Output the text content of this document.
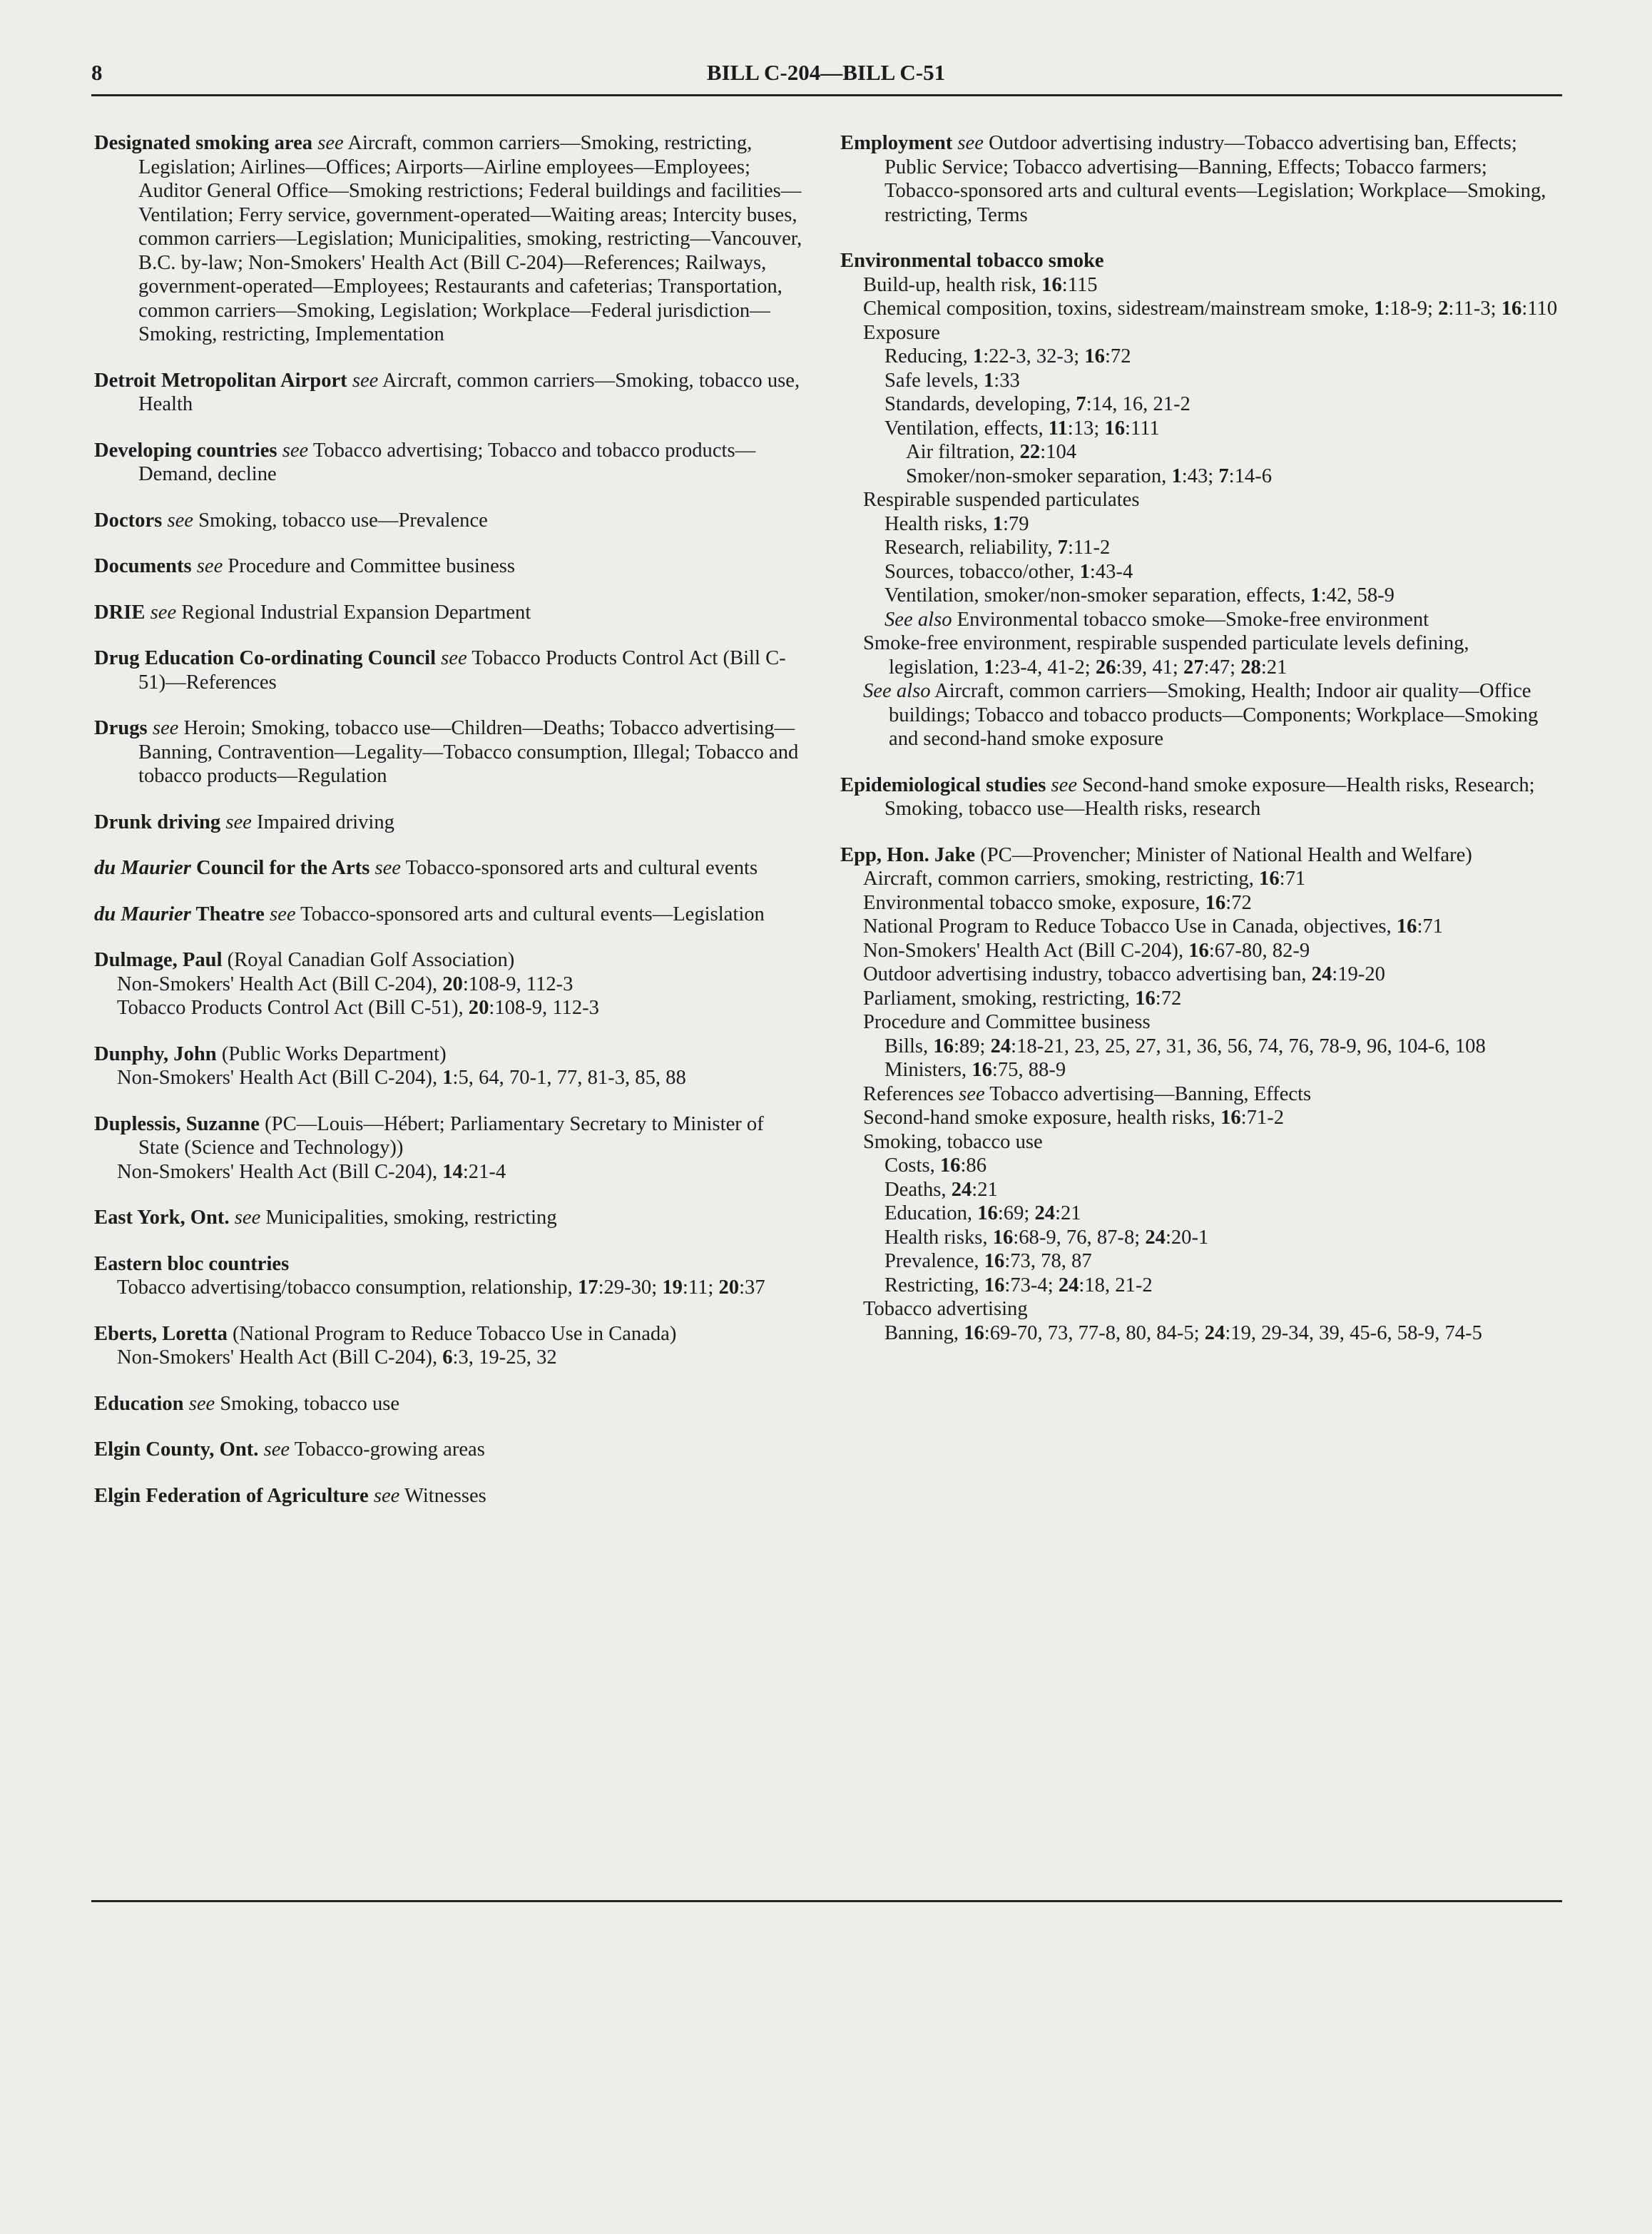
8	BILL C-204—BILL C-51
Designated smoking area see Aircraft, common carriers—Smoking, restricting, Legislation; Airlines—Offices; Airports—Airline employees—Employees; Auditor General Office—Smoking restrictions; Federal buildings and facilities—Ventilation; Ferry service, government-operated—Waiting areas; Intercity buses, common carriers—Legislation; Municipalities, smoking, restricting—Vancouver, B.C. by-law; Non-Smokers' Health Act (Bill C-204)—References; Railways, government-operated—Employees; Restaurants and cafeterias; Transportation, common carriers—Smoking, Legislation; Workplace—Federal jurisdiction—Smoking, restricting, Implementation
Detroit Metropolitan Airport see Aircraft, common carriers—Smoking, tobacco use, Health
Developing countries see Tobacco advertising; Tobacco and tobacco products—Demand, decline
Doctors see Smoking, tobacco use—Prevalence
Documents see Procedure and Committee business
DRIE see Regional Industrial Expansion Department
Drug Education Co-ordinating Council see Tobacco Products Control Act (Bill C-51)—References
Drugs see Heroin; Smoking, tobacco use—Children—Deaths; Tobacco advertising—Banning, Contravention—Legality—Tobacco consumption, Illegal; Tobacco and tobacco products—Regulation
Drunk driving see Impaired driving
du Maurier Council for the Arts see Tobacco-sponsored arts and cultural events
du Maurier Theatre see Tobacco-sponsored arts and cultural events—Legislation
Dulmage, Paul (Royal Canadian Golf Association)
Non-Smokers' Health Act (Bill C-204), 20:108-9, 112-3
Tobacco Products Control Act (Bill C-51), 20:108-9, 112-3
Dunphy, John (Public Works Department)
Non-Smokers' Health Act (Bill C-204), 1:5, 64, 70-1, 77, 81-3, 85, 88
Duplessis, Suzanne (PC—Louis—Hébert; Parliamentary Secretary to Minister of State (Science and Technology))
Non-Smokers' Health Act (Bill C-204), 14:21-4
East York, Ont. see Municipalities, smoking, restricting
Eastern bloc countries
Tobacco advertising/tobacco consumption, relationship, 17:29-30; 19:11; 20:37
Eberts, Loretta (National Program to Reduce Tobacco Use in Canada)
Non-Smokers' Health Act (Bill C-204), 6:3, 19-25, 32
Education see Smoking, tobacco use
Elgin County, Ont. see Tobacco-growing areas
Elgin Federation of Agriculture see Witnesses
Employment see Outdoor advertising industry—Tobacco advertising ban, Effects; Public Service; Tobacco advertising—Banning, Effects; Tobacco farmers; Tobacco-sponsored arts and cultural events—Legislation; Workplace—Smoking, restricting, Terms
Environmental tobacco smoke
Build-up, health risk, 16:115
Chemical composition, toxins, sidestream/mainstream smoke, 1:18-9; 2:11-3; 16:110
Exposure
Reducing, 1:22-3, 32-3; 16:72
Safe levels, 1:33
Standards, developing, 7:14, 16, 21-2
Ventilation, effects, 11:13; 16:111
Air filtration, 22:104
Smoker/non-smoker separation, 1:43; 7:14-6
Respirable suspended particulates
Health risks, 1:79
Research, reliability, 7:11-2
Sources, tobacco/other, 1:43-4
Ventilation, smoker/non-smoker separation, effects, 1:42, 58-9
See also Environmental tobacco smoke—Smoke-free environment
Smoke-free environment, respirable suspended particulate levels defining, legislation, 1:23-4, 41-2; 26:39, 41; 27:47; 28:21
See also Aircraft, common carriers—Smoking, Health; Indoor air quality—Office buildings; Tobacco and tobacco products—Components; Workplace—Smoking and second-hand smoke exposure
Epidemiological studies see Second-hand smoke exposure—Health risks, Research; Smoking, tobacco use—Health risks, research
Epp, Hon. Jake (PC—Provencher; Minister of National Health and Welfare)
Aircraft, common carriers, smoking, restricting, 16:71
Environmental tobacco smoke, exposure, 16:72
National Program to Reduce Tobacco Use in Canada, objectives, 16:71
Non-Smokers' Health Act (Bill C-204), 16:67-80, 82-9
Outdoor advertising industry, tobacco advertising ban, 24:19-20
Parliament, smoking, restricting, 16:72
Procedure and Committee business
Bills, 16:89; 24:18-21, 23, 25, 27, 31, 36, 56, 74, 76, 78-9, 96, 104-6, 108
Ministers, 16:75, 88-9
References see Tobacco advertising—Banning, Effects
Second-hand smoke exposure, health risks, 16:71-2
Smoking, tobacco use
Costs, 16:86
Deaths, 24:21
Education, 16:69; 24:21
Health risks, 16:68-9, 76, 87-8; 24:20-1
Prevalence, 16:73, 78, 87
Restricting, 16:73-4; 24:18, 21-2
Tobacco advertising
Banning, 16:69-70, 73, 77-8, 80, 84-5; 24:19, 29-34, 39, 45-6, 58-9, 74-5
